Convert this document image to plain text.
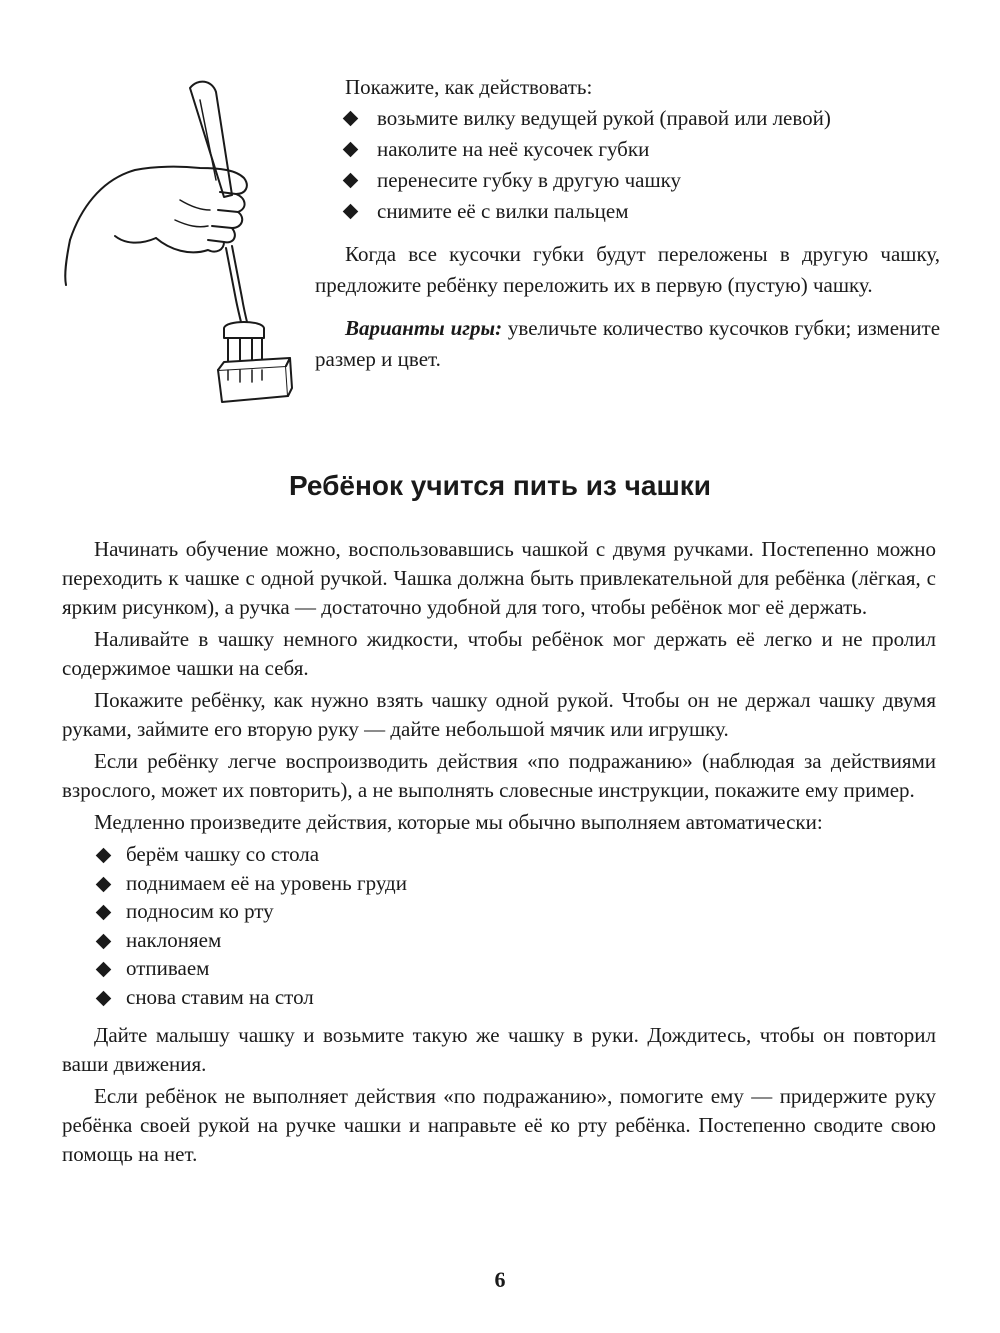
Покажите, как действовать:

возьмите вилку ведущей рукой (правой или левой)
наколите на неё кусочек губки
перенесите губку в другую чашку
снимите её с вилки пальцем

Когда все кусочки губки будут переложены в другую чашку, предложите ребёнку переложить их в первую (пустую) чашку.

Варианты игры: увеличьте количество кусочков губки; измените размер и цвет.

Ребёнок учится пить из чашки

Начинать обучение можно, воспользовавшись чашкой с двумя ручками. Постепенно можно переходить к чашке с одной ручкой. Чашка должна быть привлекательной для ребёнка (лёгкая, с ярким рисунком), а ручка — достаточно удобной для того, чтобы ребёнок мог её держать.

Наливайте в чашку немного жидкости, чтобы ребёнок мог держать её легко и не пролил содержимое чашки на себя.

Покажите ребёнку, как нужно взять чашку одной рукой. Чтобы он не держал чашку двумя руками, займите его вторую руку — дайте небольшой мячик или игрушку.

Если ребёнку легче воспроизводить действия «по подражанию» (наблюдая за действиями взрослого, может их повторить), а не выполнять словесные инструкции, покажите ему пример.

Медленно произведите действия, которые мы обычно выполняем автоматически:

берём чашку со стола
поднимаем её на уровень груди
подносим ко рту
наклоняем
отпиваем
снова ставим на стол

Дайте малышу чашку и возьмите такую же чашку в руки. Дождитесь, чтобы он повторил ваши движения.

Если ребёнок не выполняет действия «по подражанию», помогите ему — придержите руку ребёнка своей рукой на ручке чашки и направьте её ко рту ребёнка. Постепенно сводите свою помощь на нет.

6
